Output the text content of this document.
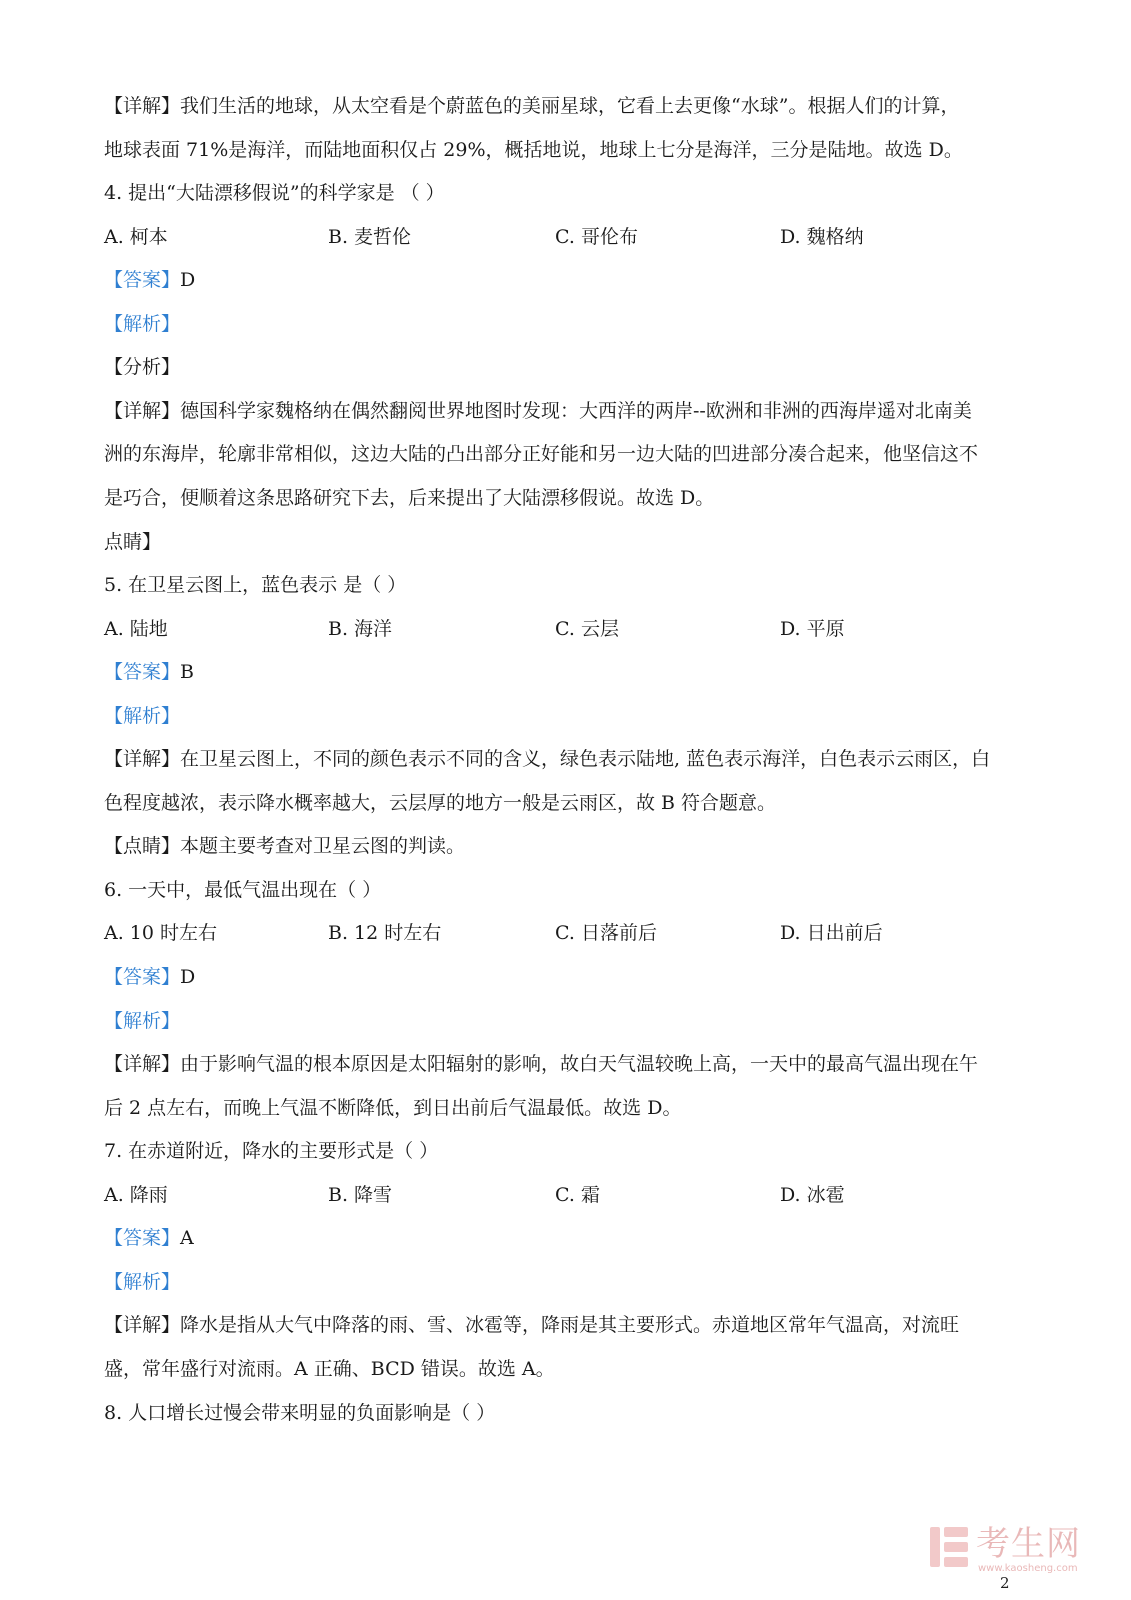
【详解】我们生活的地球，从太空看是个蔚蓝色的美丽星球，它看上去更像“水球”。根据人们的计算，
地球表面 71%是海洋，而陆地面积仅占 29%，概括地说，地球上七分是海洋，三分是陆地。故选 D。
4. 提出“大陆漂移假说”的科学家是 （ ）
A. 柯本	B. 麦哲伦	C. 哥伦布	D. 魏格纳
【答案】D
【解析】
【分析】
【详解】德国科学家魏格纳在偶然翻阅世界地图时发现：大西洋的两岸--欧洲和非洲的西海岸遥对北南美
洲的东海岸，轮廓非常相似，这边大陆的凸出部分正好能和另一边大陆的凹进部分凑合起来，他坚信这不
是巧合，便顺着这条思路研究下去，后来提出了大陆漂移假说。故选 D。
点睛】
5. 在卫星云图上，蓝色表示 是（ ）
A. 陆地	B. 海洋	C. 云层	D. 平原
【答案】B
【解析】
【详解】在卫星云图上，不同的颜色表示不同的含义，绿色表示陆地, 蓝色表示海洋，白色表示云雨区，白
色程度越浓，表示降水概率越大，云层厚的地方一般是云雨区，故 B 符合题意。
【点睛】本题主要考查对卫星云图的判读。
6. 一天中，最低气温出现在（ ）
A. 10 时左右	B. 12 时左右	C. 日落前后	D. 日出前后
【答案】D
【解析】
【详解】由于影响气温的根本原因是太阳辐射的影响，故白天气温较晚上高，一天中的最高气温出现在午
后 2 点左右，而晚上气温不断降低，到日出前后气温最低。故选 D。
7. 在赤道附近，降水的主要形式是（ ）
A. 降雨	B. 降雪	C. 霜	D. 冰雹
【答案】A
【解析】
【详解】降水是指从大气中降落的雨、雪、冰雹等，降雨是其主要形式。赤道地区常年气温高，对流旺
盛，常年盛行对流雨。A 正确、BCD 错误。故选 A。
8. 人口增长过慢会带来明显的负面影响是（ ）
考生网
www.kaosheng.com
2
